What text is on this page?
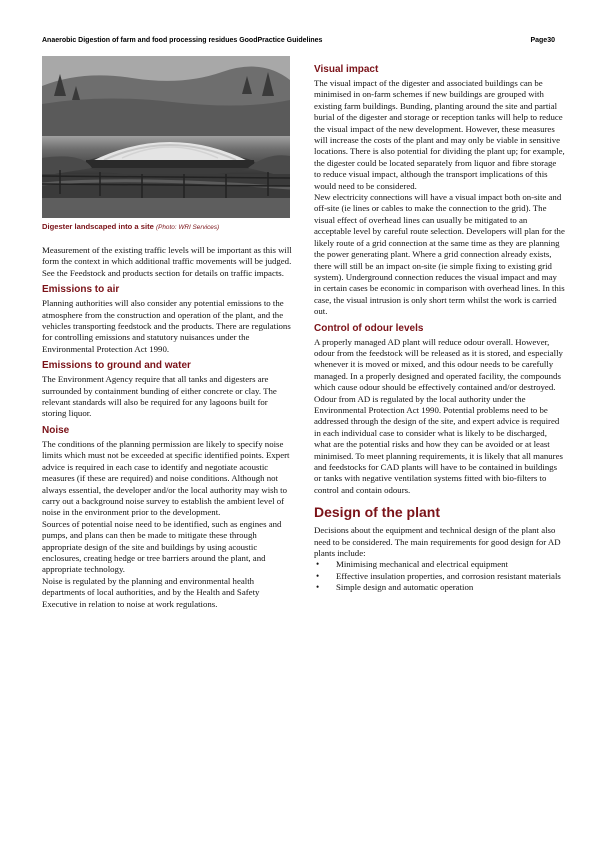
Anaerobic Digestion of farm and food processing residues GoodPractice Guidelines	Page30
Digester landscaped into a site (Photo: WRI Services)

Measurement of the existing traffic levels will be important as this will form the context in which additional traffic movements will be judged. See the Feedstock and products section for details on traffic impacts.

Emissions to air

Planning authorities will also consider any potential emissions to the atmosphere from the construction and operation of the plant, and the vehicles transporting feedstock and the products. There are regulations for controlling emissions and statutory nuisances under the Environmental Protection Act 1990.

Emissions to ground and water

The Environment Agency require that all tanks and digesters are surrounded by containment bunding of either concrete or clay. The relevant standards will also be required for any lagoons built for storing liquor.

Noise

The conditions of the planning permission are likely to specify noise limits which must not be exceeded at specific identified points. Expert advice is required in each case to identify and negotiate acoustic measures (if these are required) and noise conditions. Although not always essential, the developer and/or the local authority may wish to carry out a background noise survey to establish the ambient level of noise in the environment prior to the development.

Sources of potential noise need to be identified, such as engines and pumps, and plans can then be made to mitigate these through appropriate design of the site and buildings by using acoustic enclosures, creating hedge or tree barriers around the plant, and appropriate technology.

Noise is regulated by the planning and environmental health departments of local authorities, and by the Health and Safety Executive in relation to noise at work regulations.

Visual impact

The visual impact of the digester and associated buildings can be minimised in on-farm schemes if new buildings are grouped with existing farm buildings. Bunding, planting around the site and partial burial of the digester and storage or reception tanks will help to reduce the visual impact of the new development. However, these measures will increase the costs of the plant and may only be viable in sensitive locations. There is also potential for dividing the plant up; for example, the digester could be located separately from liquor and fibre storage to reduce visual impact, although the transport implications of this would need to be considered.

New electricity connections will have a visual impact both on-site and off-site (ie lines or cables to make the connection to the grid). The visual effect of overhead lines can usually be mitigated to an acceptable level by careful route selection. Developers will plan for the likely route of a grid connection at the same time as they are planning the power generating plant. Where a grid connection already exists, there will still be an impact on-site (ie simple fixing to existing grid system). Underground connection reduces the visual impact and may in certain cases be economic in comparison with overhead lines. In this case, the visual intrusion is only short term whilst the work is carried out.

Control of odour levels

A properly managed AD plant will reduce odour overall. However, odour from the feedstock will be released as it is stored, and especially whenever it is moved or mixed, and this odour needs to be carefully managed. In a properly designed and operated facility, the compounds which cause odour should be effectively contained and/or destroyed. Odour from AD is regulated by the local authority under the Environmental Protection Act 1990. Potential problems need to be addressed through the design of the site, and expert advice is required in each individual case to consider what is likely to be discharged, what are the potential risks and how they can be avoided or at least minimised. To meet planning requirements, it is likely that all manures and feedstocks for CAD plants will have to be contained in buildings or tanks with negative ventilation systems fitted with bio-filters to control and contain odours.

Design of the plant

Decisions about the equipment and technical design of the plant also need to be considered. The main requirements for good design for AD plants include:

• Minimising mechanical and electrical equipment
• Effective insulation properties, and corrosion resistant materials
• Simple design and automatic operation
